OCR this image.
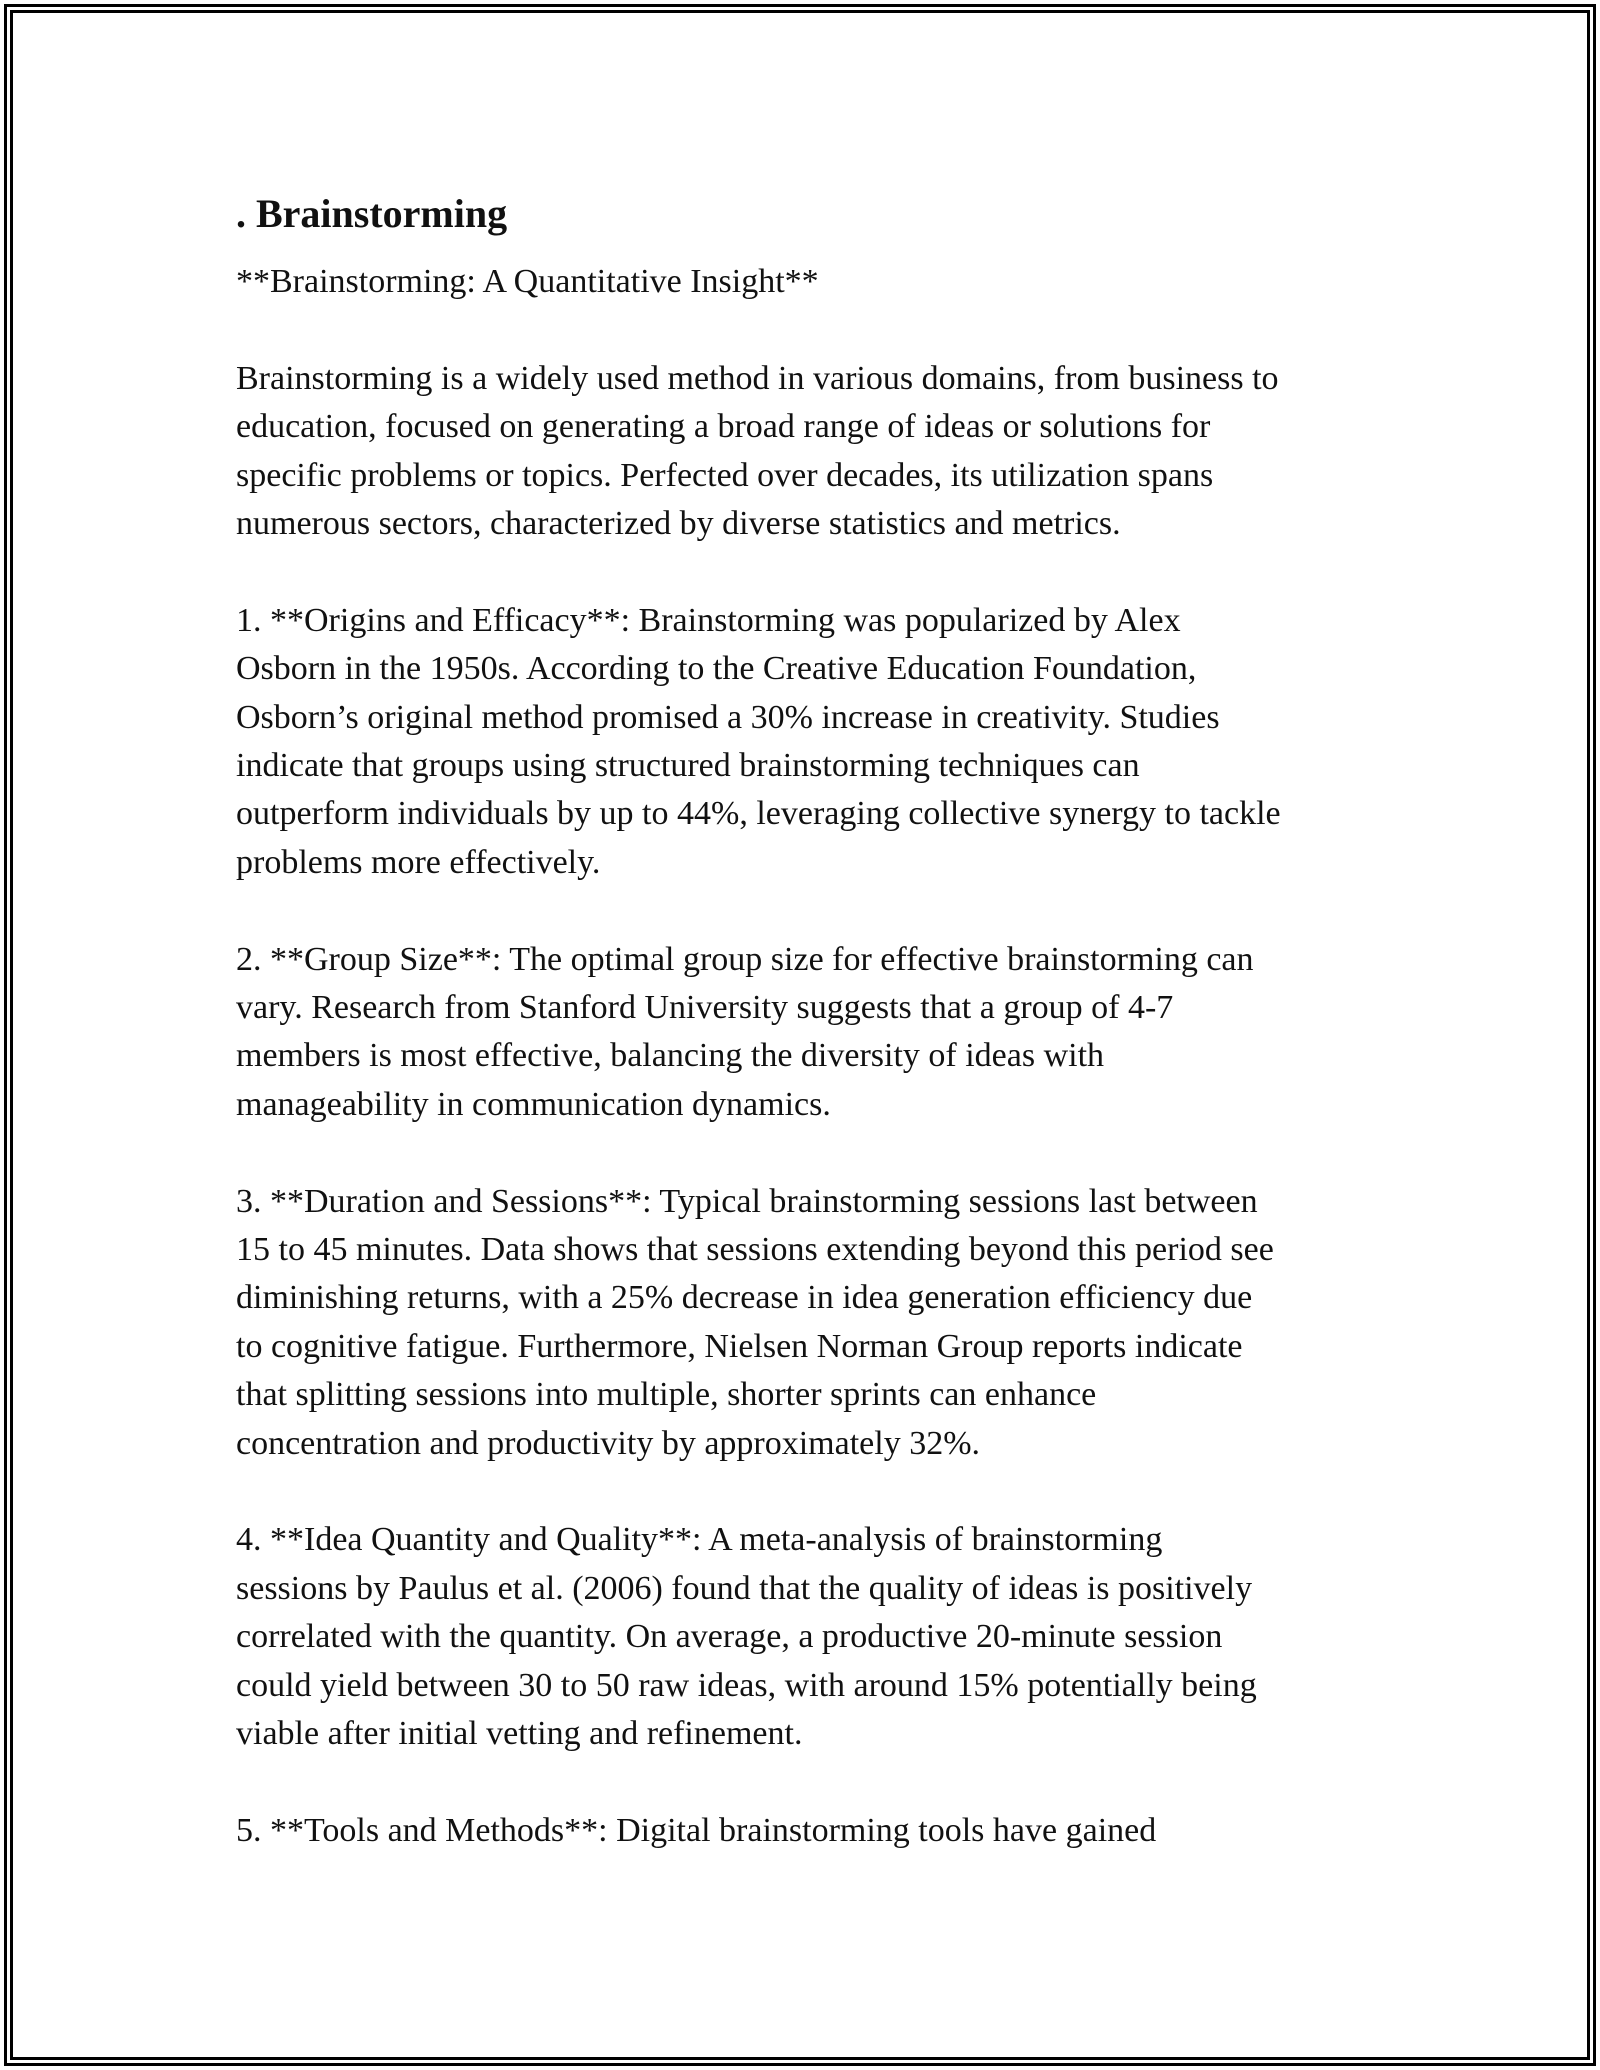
. Brainstorming

**Brainstorming: A Quantitative Insight**

Brainstorming is a widely used method in various domains, from business to
education, focused on generating a broad range of ideas or solutions for
specific problems or topics. Perfected over decades, its utilization spans
numerous sectors, characterized by diverse statistics and metrics.

1. **Origins and Efficacy**: Brainstorming was popularized by Alex
Osborn in the 1950s. According to the Creative Education Foundation,
Osborn’s original method promised a 30% increase in creativity. Studies
indicate that groups using structured brainstorming techniques can
outperform individuals by up to 44%, leveraging collective synergy to tackle
problems more effectively.

2. **Group Size**: The optimal group size for effective brainstorming can
vary. Research from Stanford University suggests that a group of 4-7
members is most effective, balancing the diversity of ideas with
manageability in communication dynamics.

3. **Duration and Sessions**: Typical brainstorming sessions last between
15 to 45 minutes. Data shows that sessions extending beyond this period see
diminishing returns, with a 25% decrease in idea generation efficiency due
to cognitive fatigue. Furthermore, Nielsen Norman Group reports indicate
that splitting sessions into multiple, shorter sprints can enhance
concentration and productivity by approximately 32%.

4. **Idea Quantity and Quality**: A meta-analysis of brainstorming
sessions by Paulus et al. (2006) found that the quality of ideas is positively
correlated with the quantity. On average, a productive 20-minute session
could yield between 30 to 50 raw ideas, with around 15% potentially being
viable after initial vetting and refinement.

5. **Tools and Methods**: Digital brainstorming tools have gained
